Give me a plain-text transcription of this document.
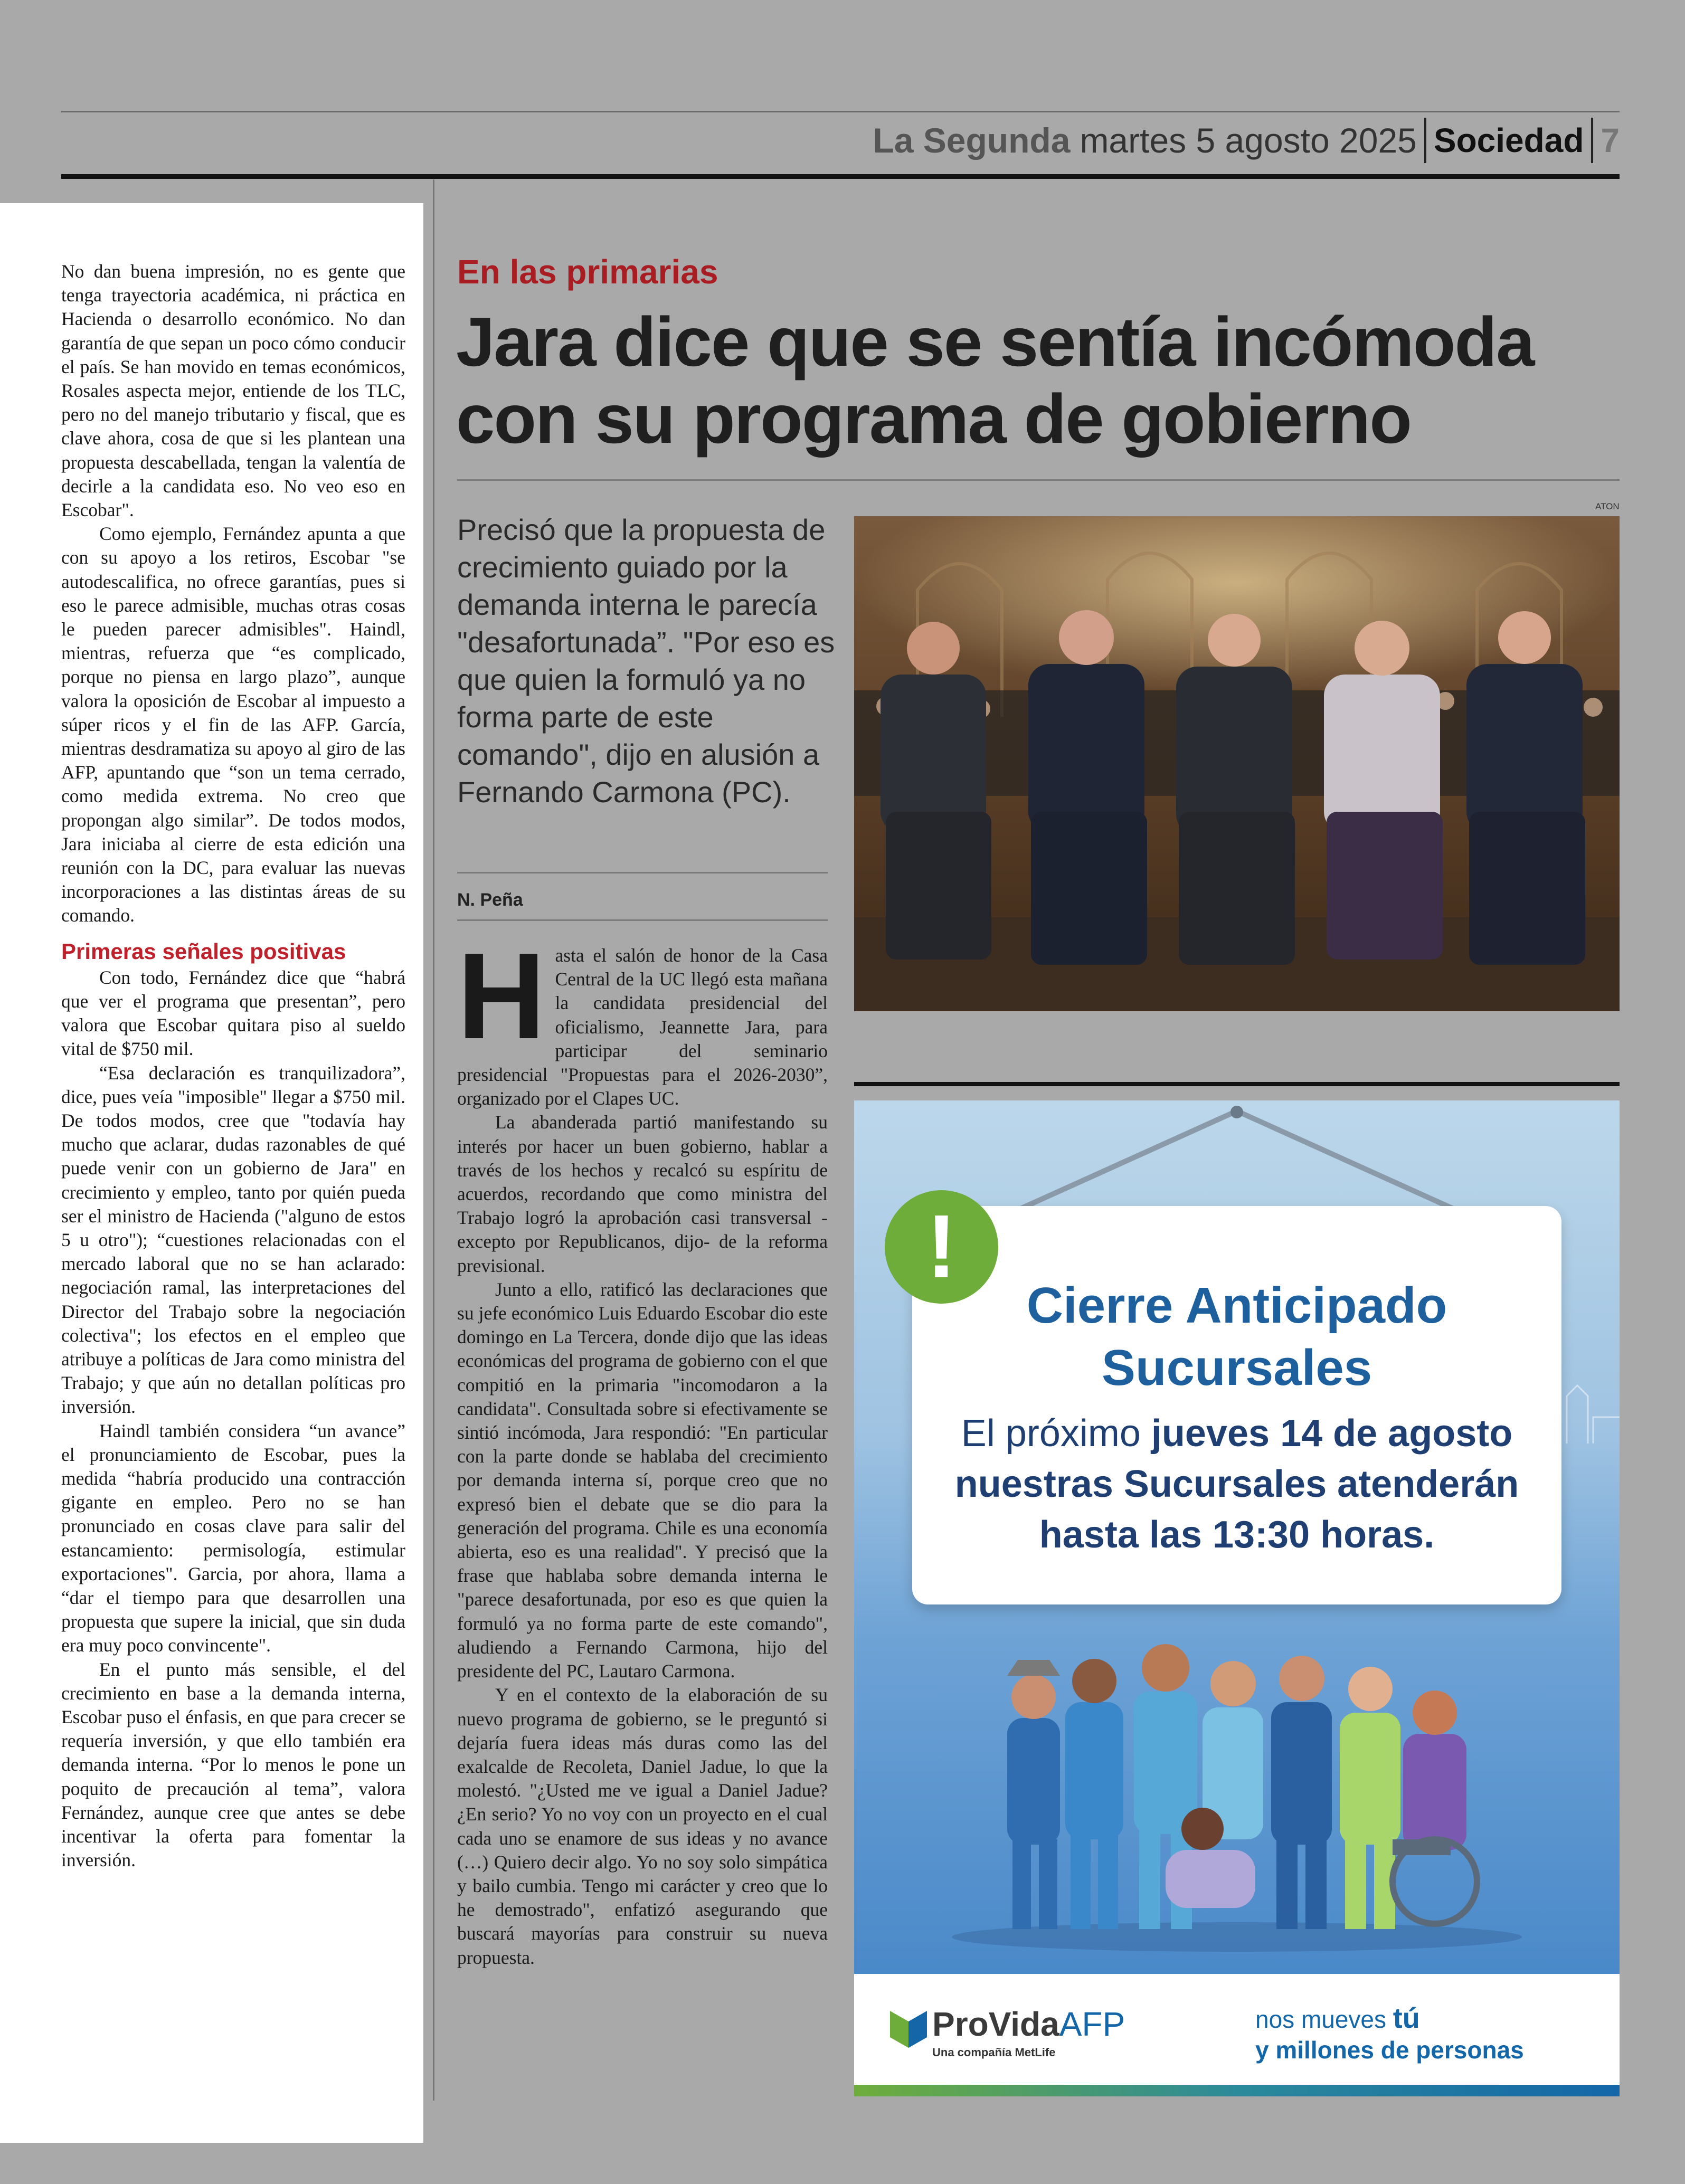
La Segunda martes 5 agosto 2025 Sociedad 7

No dan buena impresión, no es gente que tenga trayectoria académica, ni práctica en Hacienda o desarrollo económico. No dan garantía de que sepan un poco cómo conducir el país. Se han movido en temas económicos, Rosales aspecta mejor, entiende de los TLC, pero no del manejo tributario y fiscal, que es clave ahora, cosa de que si les plantean una propuesta descabellada, tengan la valentía de decirle a la candidata eso. No veo eso en Escobar".

Como ejemplo, Fernández apunta a que con su apoyo a los retiros, Escobar "se autodescalifica, no ofrece garantías, pues si eso le parece admisible, muchas otras cosas le pueden parecer admisibles". Haindl, mientras, refuerza que “es complicado, porque no piensa en largo plazo”, aunque valora la oposición de Escobar al impuesto a súper ricos y el fin de las AFP. García, mientras desdramatiza su apoyo al giro de las AFP, apuntando que “son un tema cerrado, como medida extrema. No creo que propongan algo similar”. De todos modos, Jara iniciaba al cierre de esta edición una reunión con la DC, para evaluar las nuevas incorporaciones a las distintas áreas de su comando.

Primeras señales positivas

Con todo, Fernández dice que “habrá que ver el programa que presentan”, pero valora que Escobar quitara piso al sueldo vital de $750 mil.

“Esa declaración es tranquilizadora”, dice, pues veía "imposible" llegar a $750 mil. De todos modos, cree que "todavía hay mucho que aclarar, dudas razonables de qué puede venir con un gobierno de Jara" en crecimiento y empleo, tanto por quién pueda ser el ministro de Hacienda ("alguno de estos 5 u otro"); “cuestiones relacionadas con el mercado laboral que no se han aclarado: negociación ramal, las interpretaciones del Director del Trabajo sobre la negociación colectiva"; los efectos en el empleo que atribuye a políticas de Jara como ministra del Trabajo; y que aún no detallan políticas pro inversión.

Haindl también considera “un avance” el pronunciamiento de Escobar, pues la medida “habría producido una contracción gigante en empleo. Pero no se han pronunciado en cosas clave para salir del estancamiento: permisología, estimular exportaciones". Garcia, por ahora, llama a “dar el tiempo para que desarrollen una propuesta que supere la inicial, que sin duda era muy poco convincente".

En el punto más sensible, el del crecimiento en base a la demanda interna, Escobar puso el énfasis, en que para crecer se requería inversión, y que ello también era demanda interna. “Por lo menos le pone un poquito de precaución al tema”, valora Fernández, aunque cree que antes se debe incentivar la oferta para fomentar la inversión.

En las primarias
Jara dice que se sentía incómoda con su programa de gobierno
ATON
Precisó que la propuesta de crecimiento guiado por la demanda interna le parecía "desafortunada”. "Por eso es que quien la formuló ya no forma parte de este comando", dijo en alusión a Fernando Carmona (PC).
N. Peña

Hasta el salón de honor de la Casa Central de la UC llegó esta mañana la candidata presidencial del oficialismo, Jeannette Jara, para participar del seminario presidencial "Propuestas para el 2026-2030”, organizado por el Clapes UC.

La abanderada partió manifestando su interés por hacer un buen gobierno, hablar a través de los hechos y recalcó su espíritu de acuerdos, recordando que como ministra del Trabajo logró la aprobación casi transversal -excepto por Republicanos, dijo- de la reforma previsional.

Junto a ello, ratificó las declaraciones que su jefe económico Luis Eduardo Escobar dio este domingo en La Tercera, donde dijo que las ideas económicas del programa de gobierno con el que compitió en la primaria "incomodaron a la candidata". Consultada sobre si efectivamente se sintió incómoda, Jara respondió: "En particular con la parte donde se hablaba del crecimiento por demanda interna sí, porque creo que no expresó bien el debate que se dio para la generación del programa. Chile es una economía abierta, eso es una realidad". Y precisó que la frase que hablaba sobre demanda interna le "parece desafortunada, por eso es que quien la formuló ya no forma parte de este comando", aludiendo a Fernando Carmona, hijo del presidente del PC, Lautaro Carmona.

Y en el contexto de la elaboración de su nuevo programa de gobierno, se le preguntó si dejaría fuera ideas más duras como las del exalcalde de Recoleta, Daniel Jadue, lo que la molestó. "¿Usted me ve igual a Daniel Jadue? ¿En serio? Yo no voy con un proyecto en el cual cada uno se enamore de sus ideas y no avance (…) Quiero decir algo. Yo no soy solo simpática y bailo cumbia. Tengo mi carácter y creo que lo he demostrado", enfatizó asegurando que buscará mayorías para construir su nueva propuesta.

Cierre Anticipado
Sucursales
El próximo jueves 14 de agosto
nuestras Sucursales atenderán
hasta las 13:30 horas.
!
ProVidaAFP
Una compañía MetLife
nos mueves tú
y millones de personas
